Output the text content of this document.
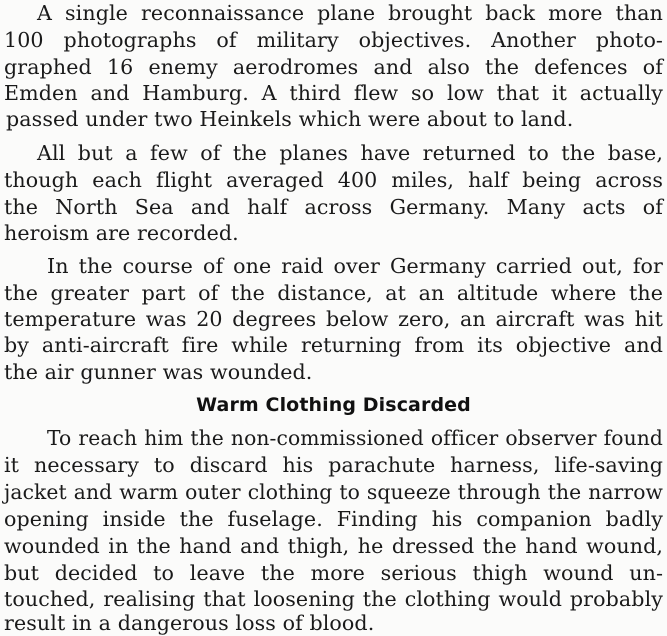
A single reconnaissance plane brought back more than
100 photographs of military objectives. Another photo-
graphed 16 enemy aerodromes and also the defences of
Emden and Hamburg. A third flew so low that it actually
passed under two Heinkels which were about to land.
All but a few of the planes have returned to the base,
though each flight averaged 400 miles, half being across
the North Sea and half across Germany. Many acts of
heroism are recorded.
In the course of one raid over Germany carried out, for
the greater part of the distance, at an altitude where the
temperature was 20 degrees below zero, an aircraft was hit
by anti-aircraft fire while returning from its objective and
the air gunner was wounded.
Warm Clothing Discarded
To reach him the non-commissioned officer observer found
it necessary to discard his parachute harness, life-saving
jacket and warm outer clothing to squeeze through the narrow
opening inside the fuselage. Finding his companion badly
wounded in the hand and thigh, he dressed the hand wound,
but decided to leave the more serious thigh wound un-
touched, realising that loosening the clothing would probably
result in a dangerous loss of blood.
